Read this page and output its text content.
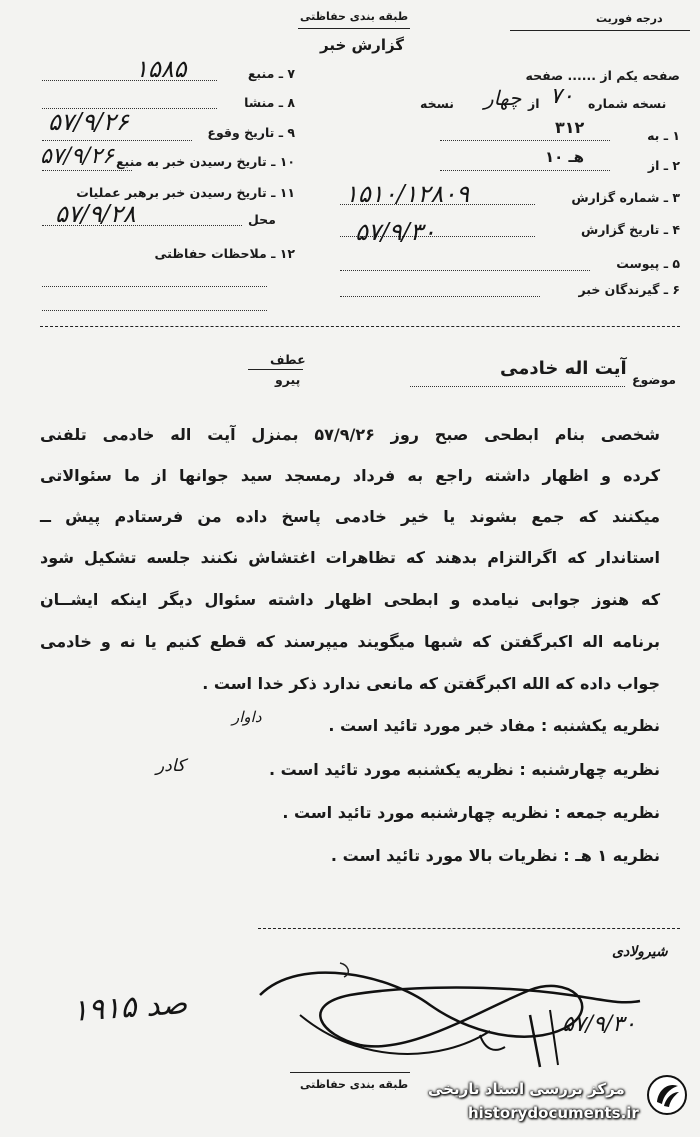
طبقه بندی حفاظتی
گزارش خبر
درجه فوریت
۷ ـ منبع
۱۵۸۵
۸ ـ منشا
۹ ـ تاریخ وقوع
۵۷/۹/۲۶
۱۰ ـ تاریخ رسیدن خبر به منبع
۵۷/۹/۲۶
۱۱ ـ تاریخ رسیدن خبر برهبر عملیات
محل
۵۷/۹/۲۸
۱۲ ـ ملاحظات حفاظتی
صفحه یکم از ...... صفحه
نسخه شماره
۷۰
از
چهار
نسخه
۱ ـ به
۳۱۲
۲ ـ از
۱۰ هـ
۳ ـ شماره گزارش
۱۵۱۰/۱۲۸۰۹
۴ ـ تاریخ گزارش
۵۷/۹/۳۰
۵ ـ پیوست
۶ ـ گیرندگان خبر
عطف
پیرو	موضوع
آیت اله خادمی
شخصی بنام ابطحی صبح روز ۵۷/۹/۲۶ بمنزل آیت اله خادمی تلفنی
کرده و اظهار داشته راجع به فرداد رمسجد سید جوانها از ما سئوالاتی
میکنند که جمع بشوند یا خیر خادمی پاسخ داده من فرستادم پیش ــ
استاندار که اگرالتزام بدهند که تظاهرات اغتشاش نکنند جلسه تشکیل شود
که هنوز جوابی نیامده و ابطحی اظهار داشته سئوال دیگر اینکه ایشــان
برنامه اله اکبرگفتن که شبها میگویند میپرسند که قطع کنیم یا نه و خادمی
جواب داده که الله اکبرگفتن که مانعی ندارد ذکر خدا است .
نظریه یکشنبه : مفاد خبر مورد تائید است .
داوار
نظریه چهارشنبه : نظریه یکشنبه مورد تائید است .
کادر
نظریه جمعه : نظریه چهارشنبه مورد تائید است .
نظریه ۱ هـ : نظریات بالا مورد تائید است .
شیرولادی
۵۷/۹/۳۰
۱۹۱۵ صد
طبقه بندی حفاظتی مرکز بررسی اسناد تاریخی
historydocuments.ir
